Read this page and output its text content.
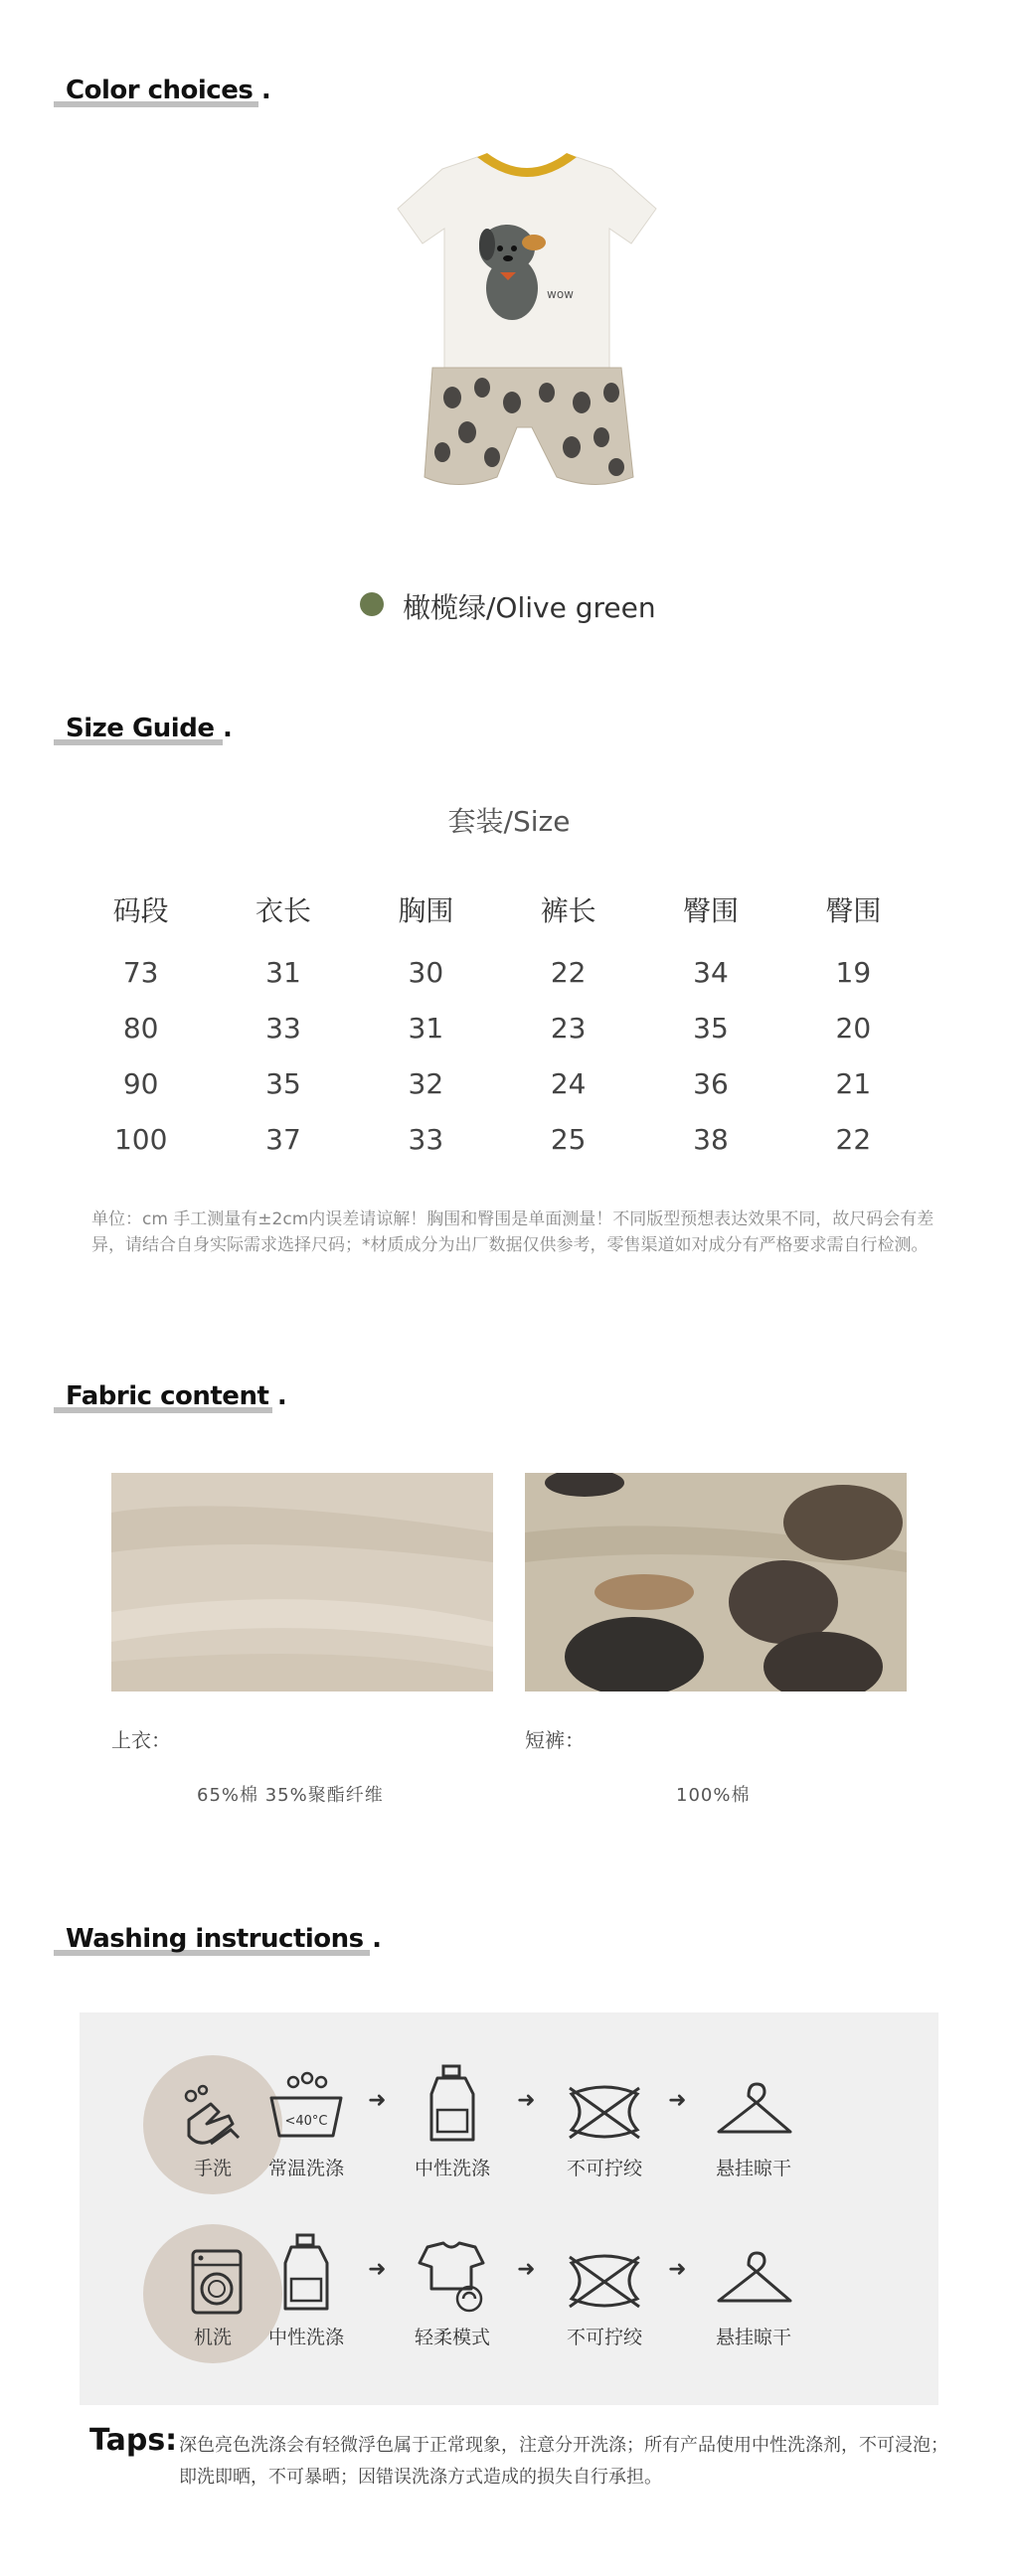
Color choices .
wow
橄榄绿/Olive green
Size Guide .
套装/Size
码段	衣长	胸围	裤长	臀围	臀围
73	31	30	22	34	19
80	33	31	23	35	20
90	35	32	24	36	21
100	37	33	25	38	22
单位：cm 手工测量有±2cm内误差请谅解！胸围和臀围是单面测量！不同版型预想表达效果不同，故尺码会有差异，请结合自身实际需求选择尺码；*材质成分为出厂数据仅供参考，零售渠道如对成分有严格要求需自行检测。
Fabric content .
上衣：
65%棉 35%聚酯纤维
短裤：
100%棉
Washing instructions .
手洗
<40°C
常温洗涤
➜
中性洗涤
➜
不可拧绞
➜
悬挂晾干
机洗	中性洗涤
➜
轻柔模式
➜
不可拧绞
➜
悬挂晾干
Taps: 深色亮色洗涤会有轻微浮色属于正常现象，注意分开洗涤；所有产品使用中性洗涤剂，不可浸泡；即洗即晒，不可暴晒；因错误洗涤方式造成的损失自行承担。
